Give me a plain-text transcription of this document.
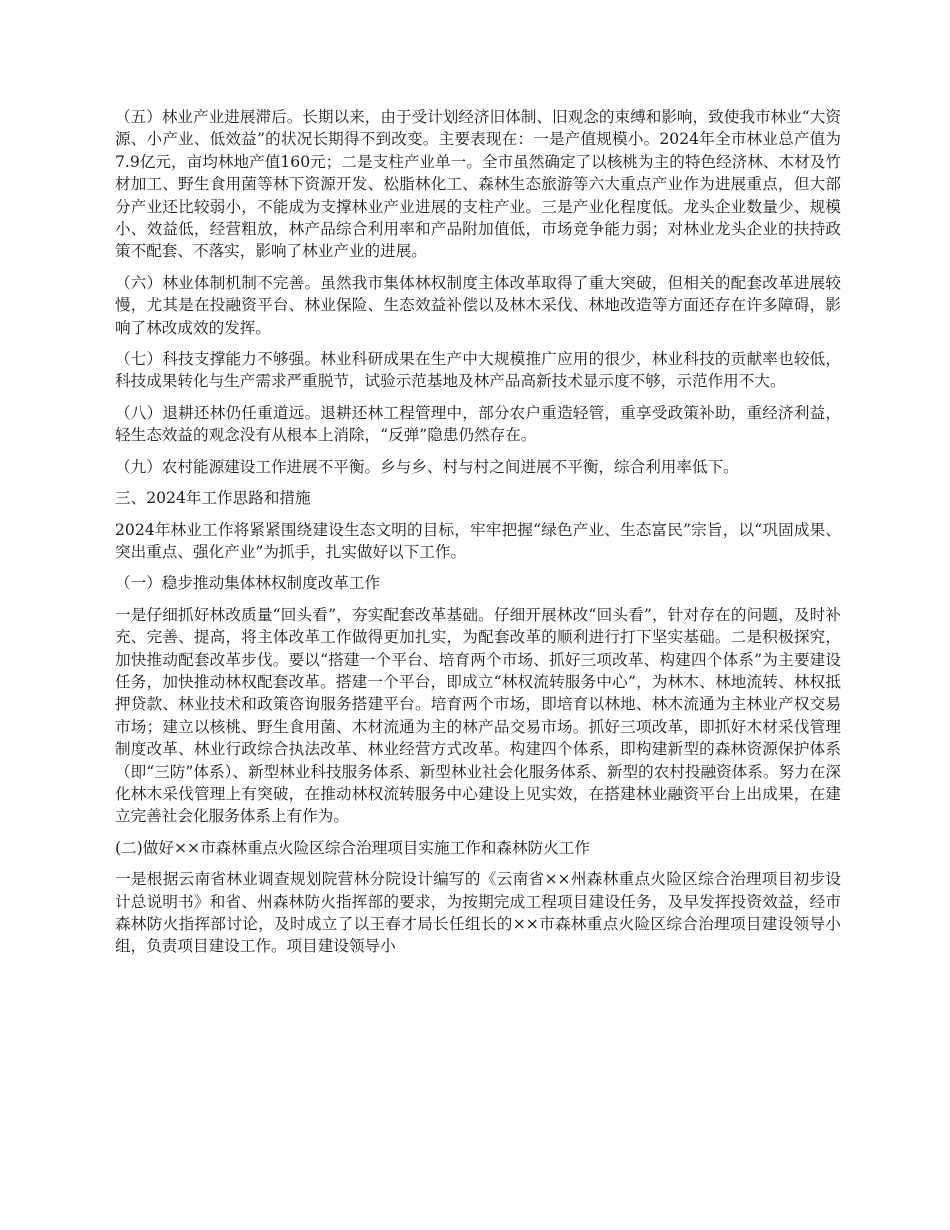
（五）林业产业进展滞后。长期以来，由于受计划经济旧体制、旧观念的束缚和影响，致使我市林业“大资源、小产业、低效益”的状况长期得不到改变。主要表现在：一是产值规模小。2024年全市林业总产值为7.9亿元，亩均林地产值160元；二是支柱产业单一。全市虽然确定了以核桃为主的特色经济林、木材及竹材加工、野生食用菌等林下资源开发、松脂林化工、森林生态旅游等六大重点产业作为进展重点，但大部分产业还比较弱小，不能成为支撑林业产业进展的支柱产业。三是产业化程度低。龙头企业数量少、规模小、效益低，经营粗放，林产品综合利用率和产品附加值低，市场竞争能力弱；对林业龙头企业的扶持政策不配套、不落实，影响了林业产业的进展。

（六）林业体制机制不完善。虽然我市集体林权制度主体改革取得了重大突破，但相关的配套改革进展较慢，尤其是在投融资平台、林业保险、生态效益补偿以及林木采伐、林地改造等方面还存在许多障碍，影响了林改成效的发挥。

（七）科技支撑能力不够强。林业科研成果在生产中大规模推广应用的很少，林业科技的贡献率也较低，科技成果转化与生产需求严重脱节，试验示范基地及林产品高新技术显示度不够，示范作用不大。

（八）退耕还林仍任重道远。退耕还林工程管理中，部分农户重造轻管，重享受政策补助，重经济利益，轻生态效益的观念没有从根本上消除，“反弹”隐患仍然存在。

（九）农村能源建设工作进展不平衡。乡与乡、村与村之间进展不平衡，综合利用率低下。

三、2024年工作思路和措施

2024年林业工作将紧紧围绕建设生态文明的目标，牢牢把握“绿色产业、生态富民”宗旨，以“巩固成果、突出重点、强化产业”为抓手，扎实做好以下工作。

（一）稳步推动集体林权制度改革工作

一是仔细抓好林改质量“回头看”，夯实配套改革基础。仔细开展林改“回头看”，针对存在的问题，及时补充、完善、提高，将主体改革工作做得更加扎实，为配套改革的顺利进行打下坚实基础。二是积极探究，加快推动配套改革步伐。要以“搭建一个平台、培育两个市场、抓好三项改革、构建四个体系”为主要建设任务，加快推动林权配套改革。搭建一个平台，即成立“林权流转服务中心”，为林木、林地流转、林权抵押贷款、林业技术和政策咨询服务搭建平台。培育两个市场，即培育以林地、林木流通为主林业产权交易市场；建立以核桃、野生食用菌、木材流通为主的林产品交易市场。抓好三项改革，即抓好木材采伐管理制度改革、林业行政综合执法改革、林业经营方式改革。构建四个体系，即构建新型的森林资源保护体系（即“三防”体系）、新型林业科技服务体系、新型林业社会化服务体系、新型的农村投融资体系。努力在深化林木采伐管理上有突破，在推动林权流转服务中心建设上见实效，在搭建林业融资平台上出成果，在建立完善社会化服务体系上有作为。

(二)做好××市森林重点火险区综合治理项目实施工作和森林防火工作

一是根据云南省林业调查规划院营林分院设计编写的《云南省××州森林重点火险区综合治理项目初步设计总说明书》和省、州森林防火指挥部的要求，为按期完成工程项目建设任务，及早发挥投资效益，经市森林防火指挥部讨论，及时成立了以王春才局长任组长的××市森林重点火险区综合治理项目建设领导小组，负责项目建设工作。项目建设领导小
